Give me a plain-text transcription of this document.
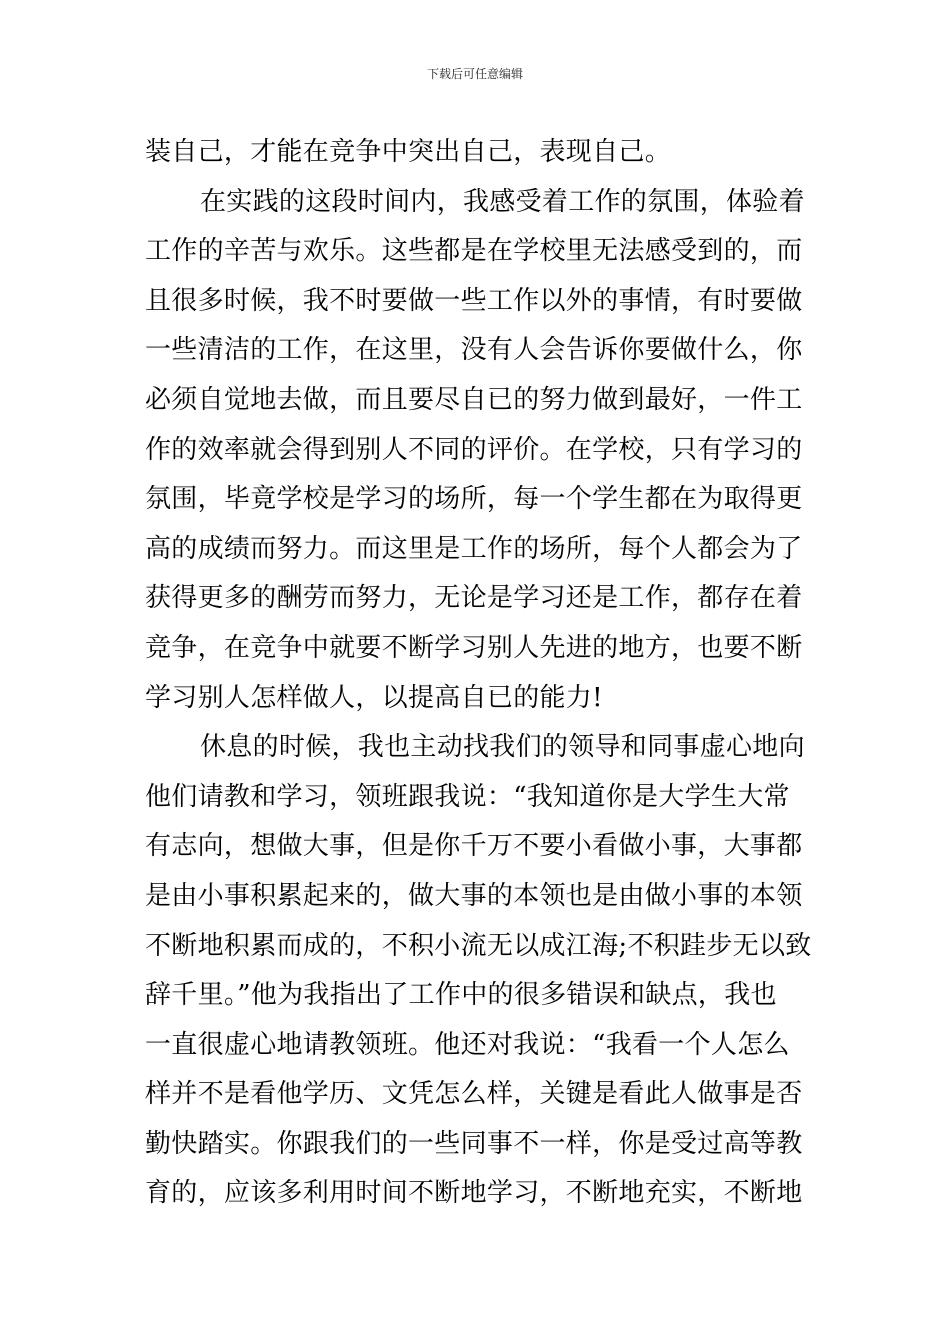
下载后可任意编辑
装自己，才能在竞争中突出自己，表现自己。
在实践的这段时间内，我感受着工作的氛围，体验着
工作的辛苦与欢乐。这些都是在学校里无法感受到的，而
且很多时候，我不时要做一些工作以外的事情，有时要做
一些清洁的工作，在这里，没有人会告诉你要做什么，你
必须自觉地去做，而且要尽自已的努力做到最好，一件工
作的效率就会得到别人不同的评价。在学校，只有学习的
氛围，毕竟学校是学习的场所，每一个学生都在为取得更
高的成绩而努力。而这里是工作的场所，每个人都会为了
获得更多的酬劳而努力，无论是学习还是工作，都存在着
竞争，在竞争中就要不断学习别人先进的地方，也要不断
学习别人怎样做人，以提高自已的能力!
休息的时候，我也主动找我们的领导和同事虚心地向
他们请教和学习，领班跟我说：“我知道你是大学生大常
有志向，想做大事，但是你千万不要小看做小事，大事都
是由小事积累起来的，做大事的本领也是由做小事的本领
不断地积累而成的，不积小流无以成江海;不积跬步无以致
辞千里。”他为我指出了工作中的很多错误和缺点，我也
一直很虚心地请教领班。他还对我说：“我看一个人怎么
样并不是看他学历、文凭怎么样，关键是看此人做事是否
勤快踏实。你跟我们的一些同事不一样，你是受过高等教
育的，应该多利用时间不断地学习，不断地充实，不断地
